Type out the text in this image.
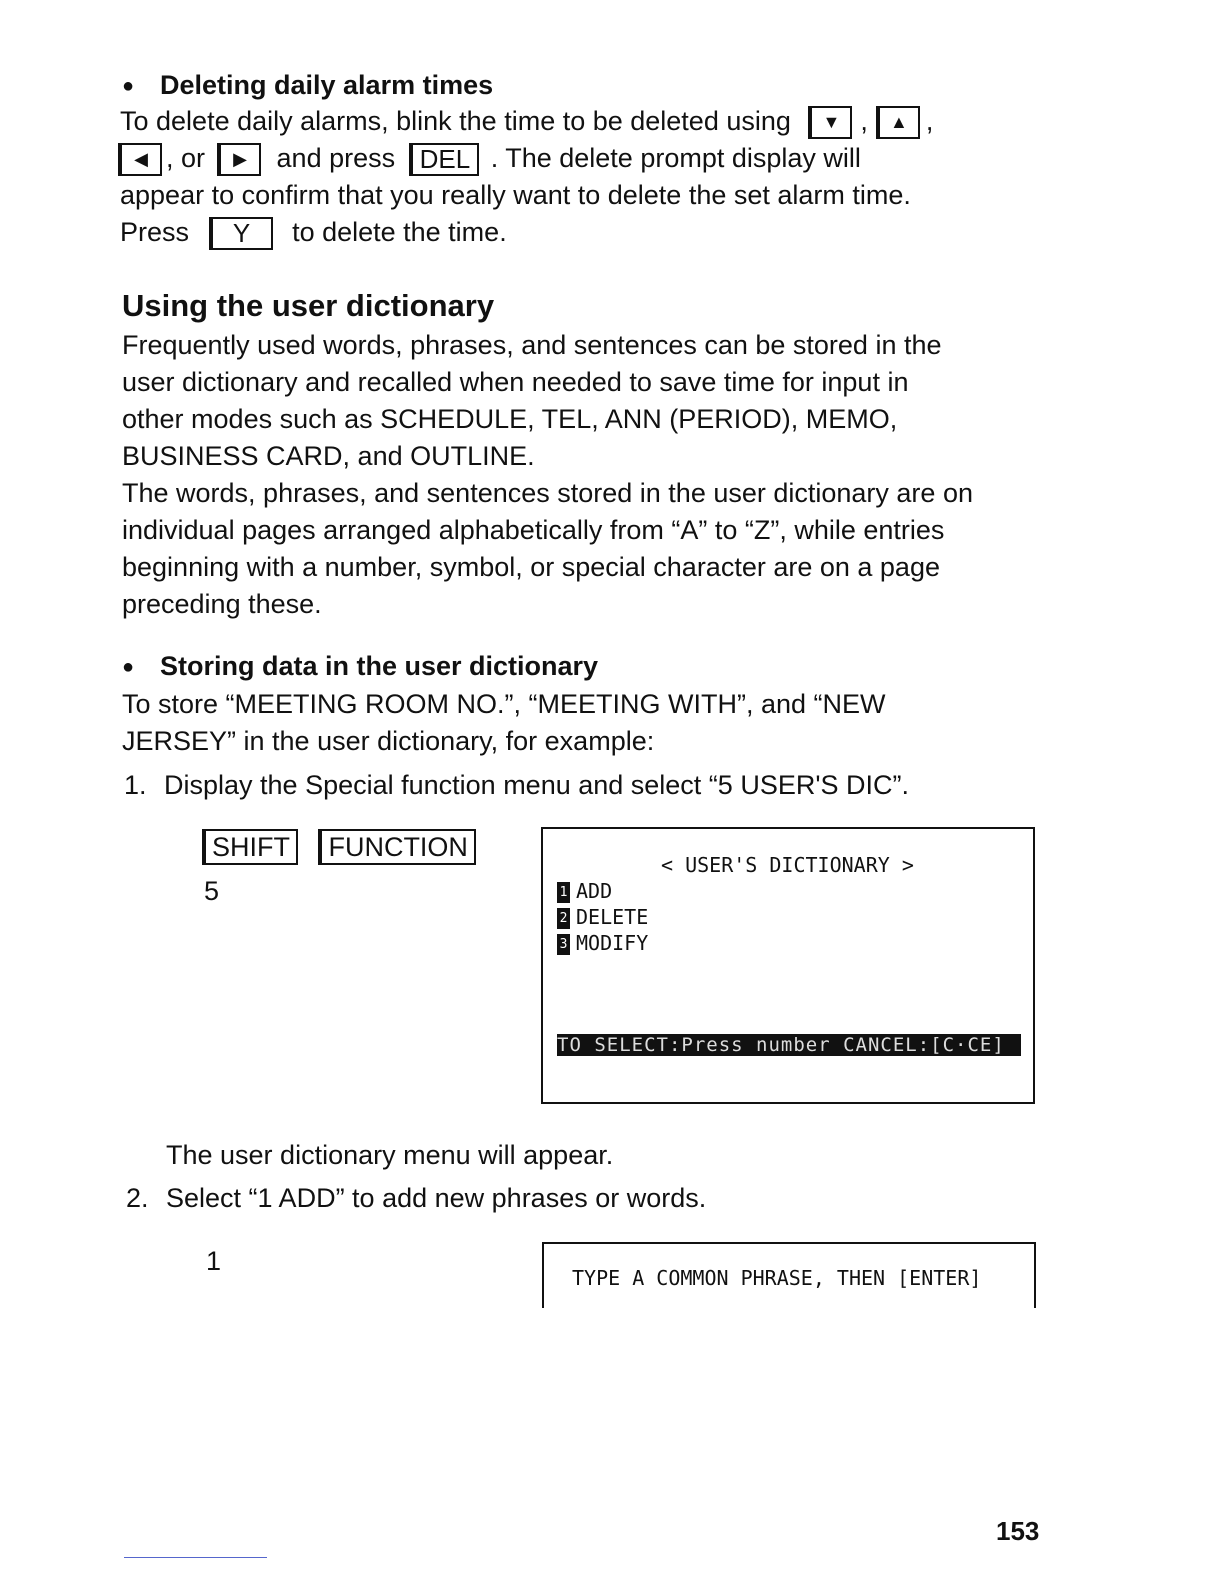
● Deleting daily alarm times
To delete daily alarms, blink the time to be deleted using ▼ , ▲ ,
◀ , or ▶ and press DEL . The delete prompt display will
appear to confirm that you really want to delete the set alarm time.
Press Y to delete the time.
Using the user dictionary
Frequently used words, phrases, and sentences can be stored in the
user dictionary and recalled when needed to save time for input in
other modes such as SCHEDULE, TEL, ANN (PERIOD), MEMO,
BUSINESS CARD, and OUTLINE.
The words, phrases, and sentences stored in the user dictionary are on
individual pages arranged alphabetically from “A” to “Z”, while entries
beginning with a number, symbol, or special character are on a page
preceding these.
● Storing data in the user dictionary
To store “MEETING ROOM NO.”, “MEETING WITH”, and “NEW
JERSEY” in the user dictionary, for example:
1. Display the Special function menu and select “5 USER'S DIC”.
SHIFT FUNCTION
5
< USER'S DICTIONARY >
1 ADD
2 DELETE
3 MODIFY
TO SELECT:Press number CANCEL:[C·CE]
The user dictionary menu will appear.
2. Select “1 ADD” to add new phrases or words.
1
TYPE A COMMON PHRASE, THEN [ENTER]
153
